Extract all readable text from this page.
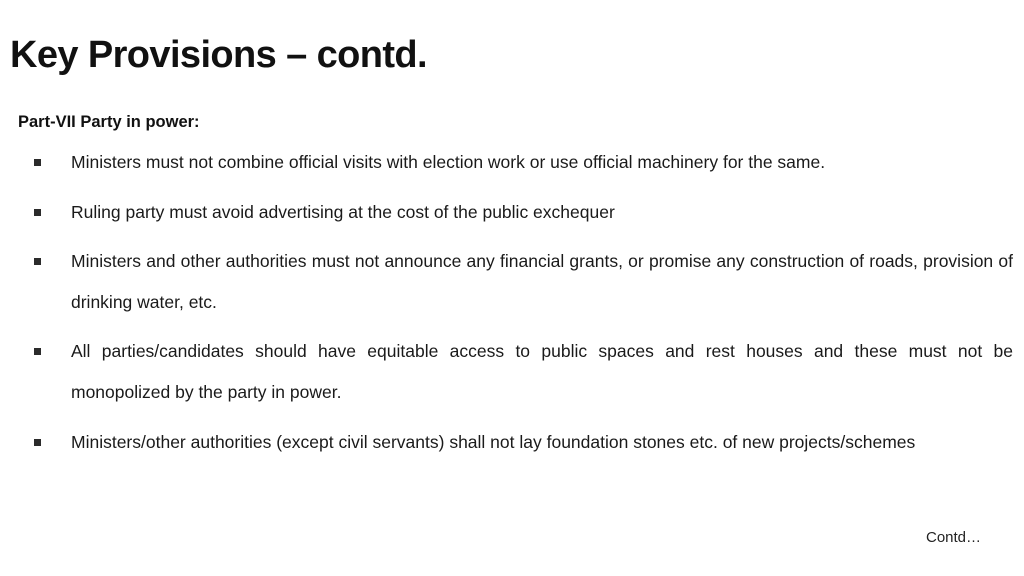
Key Provisions – contd.
Part-VII Party in power:

Ministers must not combine official visits with election work or use official machinery for the same.

Ruling party must avoid advertising at the cost of the public exchequer

Ministers and other authorities must not announce any financial grants, or promise any construction of roads, provision of drinking water, etc.

All parties/candidates should have equitable access to public spaces and rest houses and these must not be monopolized by the party in power.

Ministers/other authorities (except civil servants) shall not lay foundation stones etc. of new projects/schemes

Contd…
